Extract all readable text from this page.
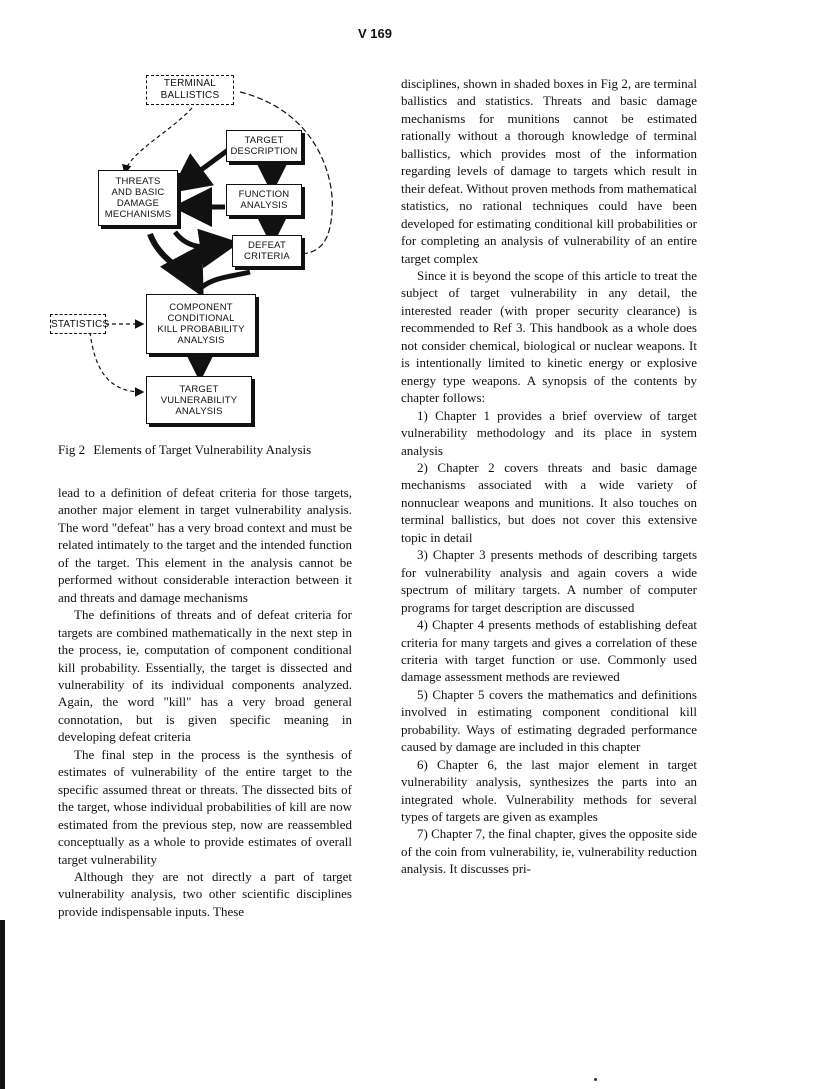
V 169
TERMINAL
BALLISTICS
TARGET
DESCRIPTION
THREATS
AND BASIC
DAMAGE
MECHANISMS
FUNCTION
ANALYSIS
DEFEAT
CRITERIA
STATISTICS
COMPONENT
CONDITIONAL
KILL PROBABILITY
ANALYSIS
TARGET
VULNERABILITY
ANALYSIS
Fig 2 Elements of Target Vulnerability Analysis

lead to a definition of defeat criteria for those targets, another major element in target vulnerability analysis. The word "defeat" has a very broad context and must be related intimately to the target and the intended function of the target. This element in the analysis cannot be performed without considerable interaction between it and threats and damage mechanisms

The definitions of threats and of defeat criteria for targets are combined mathematically in the next step in the process, ie, computation of component conditional kill probability. Essentially, the target is dissected and vulnerability of its individual components analyzed. Again, the word "kill" has a very broad general connotation, but is given specific meaning in developing defeat criteria

The final step in the process is the synthesis of estimates of vulnerability of the entire target to the specific assumed threat or threats. The dissected bits of the target, whose individual probabilities of kill are now estimated from the previous step, now are reassembled conceptually as a whole to provide estimates of overall target vulnerability

Although they are not directly a part of target vulnerability analysis, two other scientific disciplines provide indispensable inputs. These

disciplines, shown in shaded boxes in Fig 2, are terminal ballistics and statistics. Threats and basic damage mechanisms for munitions cannot be estimated rationally without a thorough knowledge of terminal ballistics, which provides most of the information regarding levels of damage to targets which result in their defeat. Without proven methods from mathematical statistics, no rational techniques could have been developed for estimating conditional kill probabilities or for completing an analysis of vulnerability of an entire target complex

Since it is beyond the scope of this article to treat the subject of target vulnerability in any detail, the interested reader (with proper security clearance) is recommended to Ref 3. This handbook as a whole does not consider chemical, biological or nuclear weapons. It is intentionally limited to kinetic energy or explosive energy type weapons. A synopsis of the contents by chapter follows:

1) Chapter 1 provides a brief overview of target vulnerability methodology and its place in system analysis

2) Chapter 2 covers threats and basic damage mechanisms associated with a wide variety of nonnuclear weapons and munitions. It also touches on terminal ballistics, but does not cover this extensive topic in detail

3) Chapter 3 presents methods of describing targets for vulnerability analysis and again covers a wide spectrum of military targets. A number of computer programs for target description are discussed

4) Chapter 4 presents methods of establishing defeat criteria for many targets and gives a correlation of these criteria with target function or use. Commonly used damage assessment methods are reviewed

5) Chapter 5 covers the mathematics and definitions involved in estimating component conditional kill probability. Ways of estimating degraded performance caused by damage are included in this chapter

6) Chapter 6, the last major element in target vulnerability analysis, synthesizes the parts into an integrated whole. Vulnerability methods for several types of targets are given as examples

7) Chapter 7, the final chapter, gives the opposite side of the coin from vulnerability, ie, vulnerability reduction analysis. It discusses pri-
